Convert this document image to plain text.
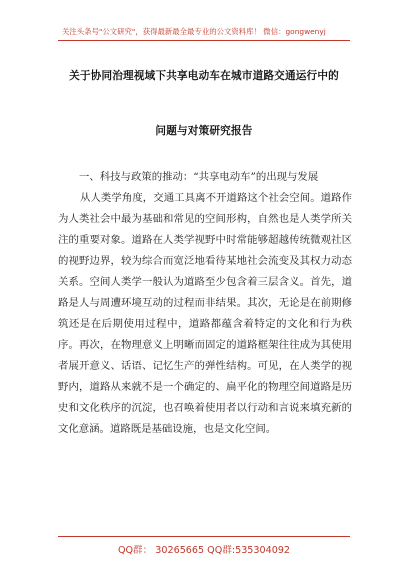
关注头条号"公文研究"，获得最新最全最专业的公文资料库！ 微信：gongwenyj
关于协同治理视域下共享电动车在城市道路交通运行中的
问题与对策研究报告

一、科技与政策的推动：“共享电动车”的出现与发展

从人类学角度，交通工具离不开道路这个社会空间。道路作为人类社会中最为基础和常见的空间形构，自然也是人类学所关注的重要对象。道路在人类学视野中时常能够超越传统微观社区的视野边界，较为综合而宽泛地看待某地社会流变及其权力动态关系。空间人类学一般认为道路至少包含着三层含义。首先，道路是人与周遭环境互动的过程而非结果。其次，无论是在前期修筑还是在后期使用过程中，道路都蕴含着特定的文化和行为秩序。再次，在物理意义上明晰而固定的道路框架往往成为其使用者展开意义、话语、记忆生产的弹性结构。可见，在人类学的视野内，道路从来就不是一个确定的、扁平化的物理空间道路是历史和文化秩序的沉淀，也召唤着使用者以行动和言说来填充新的文化意涵。道路既是基础设施，也是文化空间。

QQ群： 30265665 QQ群:535304092
